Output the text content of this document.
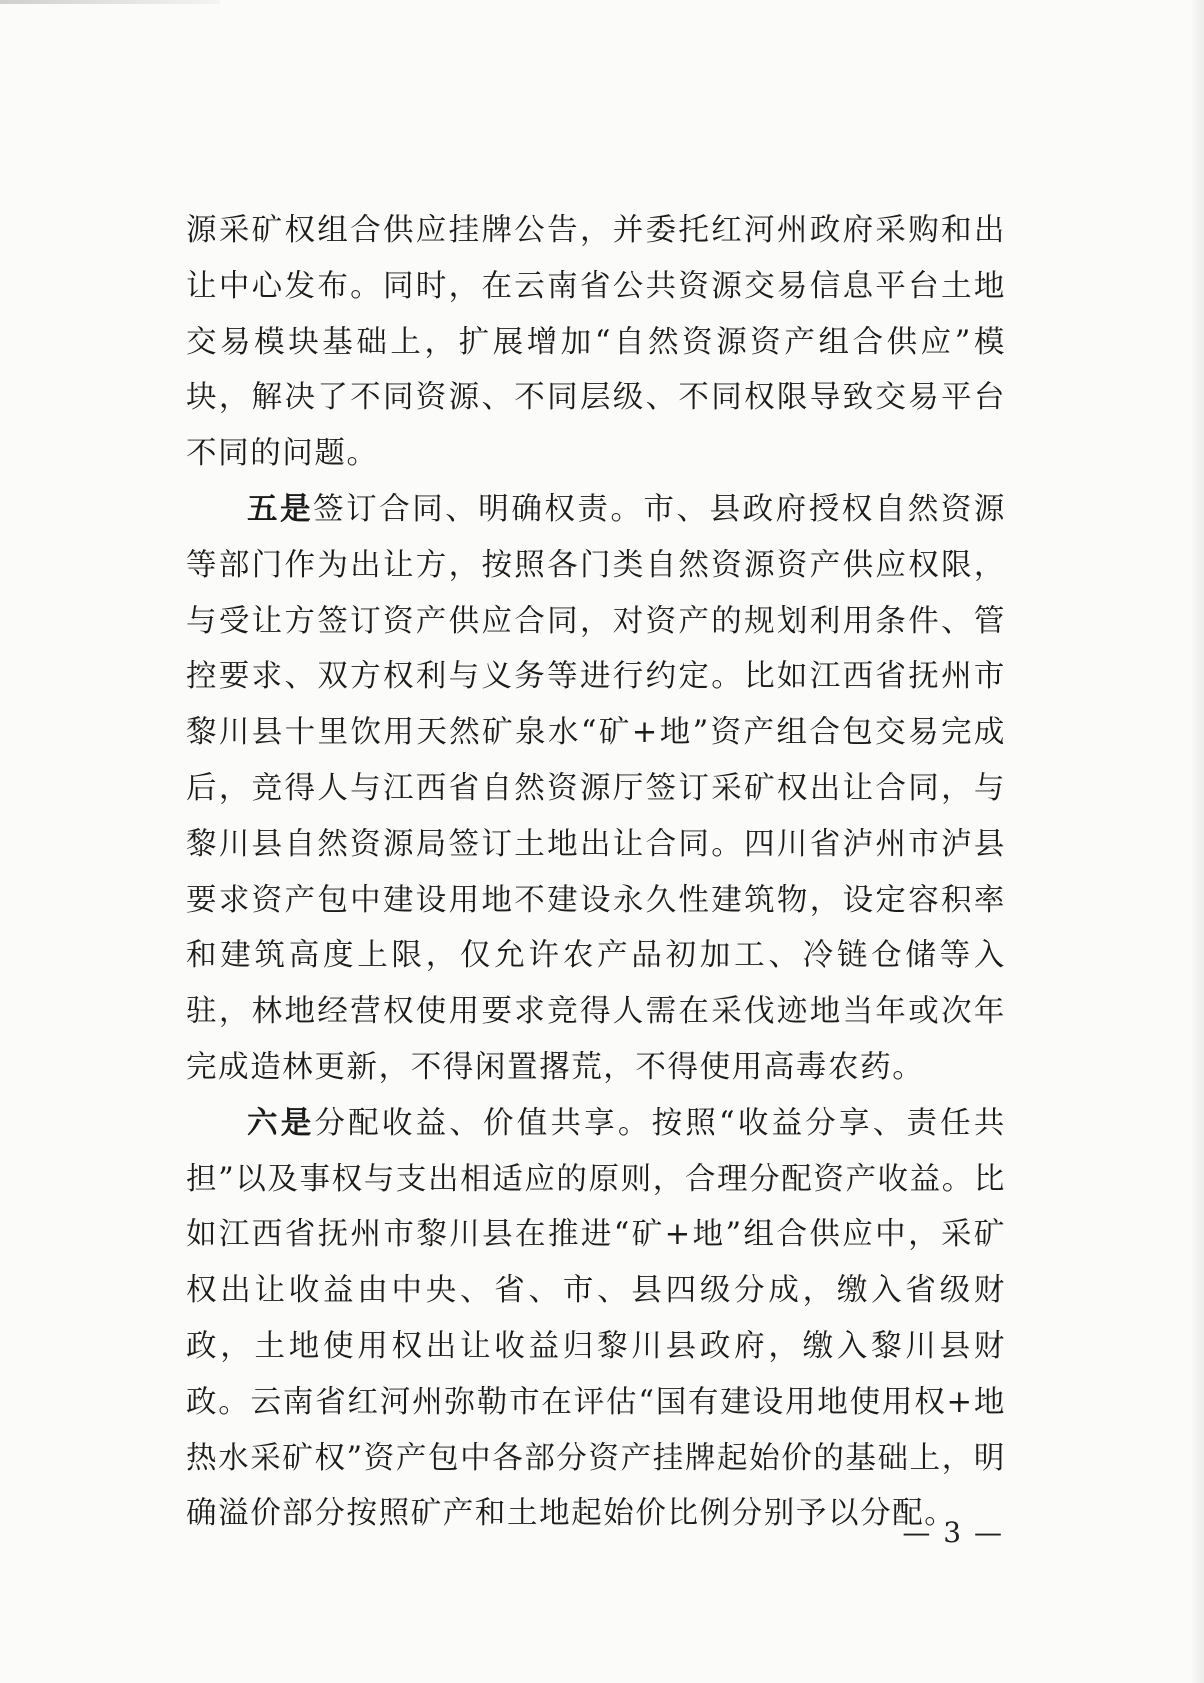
源采矿权组合供应挂牌公告，并委托红河州政府采购和出让中心发布。同时，在云南省公共资源交易信息平台土地交易模块基础上，扩展增加“自然资源资产组合供应”模块，解决了不同资源、不同层级、不同权限导致交易平台不同的问题。

五是签订合同、明确权责。市、县政府授权自然资源等部门作为出让方，按照各门类自然资源资产供应权限，与受让方签订资产供应合同，对资产的规划利用条件、管控要求、双方权利与义务等进行约定。比如江西省抚州市黎川县十里饮用天然矿泉水“矿+地”资产组合包交易完成后，竞得人与江西省自然资源厅签订采矿权出让合同，与黎川县自然资源局签订土地出让合同。四川省泸州市泸县要求资产包中建设用地不建设永久性建筑物，设定容积率和建筑高度上限，仅允许农产品初加工、冷链仓储等入驻，林地经营权使用要求竞得人需在采伐迹地当年或次年完成造林更新，不得闲置撂荒，不得使用高毒农药。

六是分配收益、价值共享。按照“收益分享、责任共担”以及事权与支出相适应的原则，合理分配资产收益。比如江西省抚州市黎川县在推进“矿+地”组合供应中，采矿权出让收益由中央、省、市、县四级分成，缴入省级财政，土地使用权出让收益归黎川县政府，缴入黎川县财政。云南省红河州弥勒市在评估“国有建设用地使用权+地热水采矿权”资产包中各部分资产挂牌起始价的基础上，明确溢价部分按照矿产和土地起始价比例分别予以分配。

— 3 —
